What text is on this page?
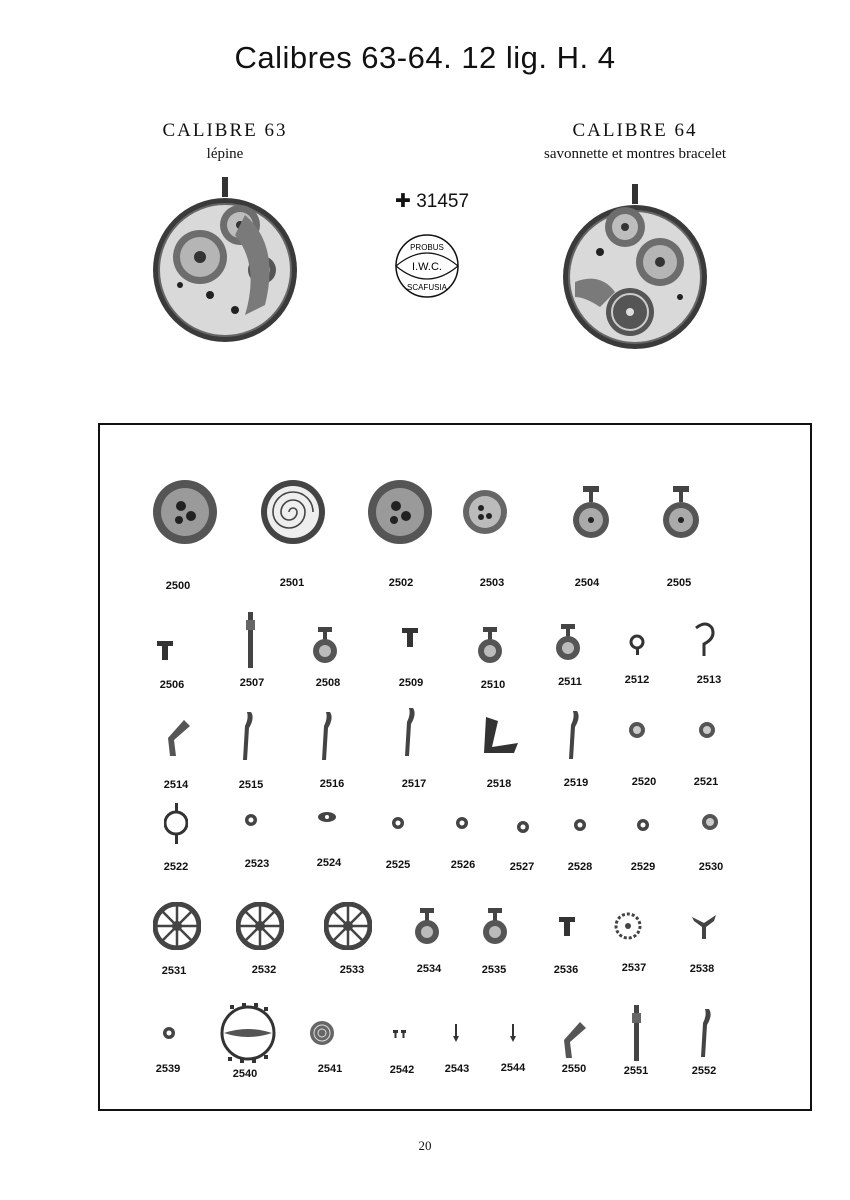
Calibres 63-64. 12 lig. H. 4
CALIBRE 63
lépine
CALIBRE 64
savonnette et montres bracelet
✚ 31457
PROBUS
I.W.C.
SCAFUSIA
2500	2501	2502	2503	2504	2505
2506	2507	2508	2509	2510	2511	2512	2513
2514	2515	2516	2517	2518	2519	2520	2521
2522	2523	2524	2525	2526	2527	2528	2529	2530
2531	2532	2533	2534	2535	2536	2537	2538
2539	2540	2541	2542	2543	2544	2550	2551	2552
20
